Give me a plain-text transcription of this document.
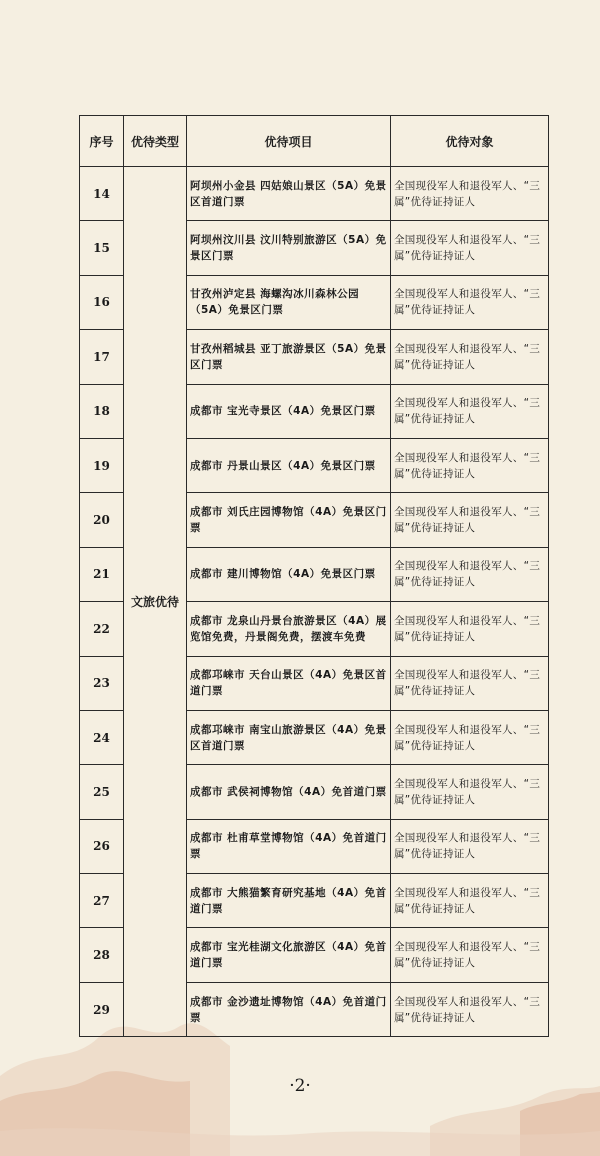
序号	优待类型	优待项目	优待对象
14	文旅优待	阿坝州小金县 四姑娘山景区（5A）免景区首道门票	全国现役军人和退役军人、“三属”优待证持证人
15		阿坝州汶川县 汶川特别旅游区（5A）免景区门票	全国现役军人和退役军人、“三属”优待证持证人
16		甘孜州泸定县 海螺沟冰川森林公园（5A）免景区门票	全国现役军人和退役军人、“三属”优待证持证人
17		甘孜州稻城县 亚丁旅游景区（5A）免景区门票	全国现役军人和退役军人、“三属”优待证持证人
18		成都市 宝光寺景区（4A）免景区门票	全国现役军人和退役军人、“三属”优待证持证人
19		成都市 丹景山景区（4A）免景区门票	全国现役军人和退役军人、“三属”优待证持证人
20		成都市 刘氏庄园博物馆（4A）免景区门票	全国现役军人和退役军人、“三属”优待证持证人
21		成都市 建川博物馆（4A）免景区门票	全国现役军人和退役军人、“三属”优待证持证人
22		成都市 龙泉山丹景台旅游景区（4A）展览馆免费，丹景阁免费，摆渡车免费	全国现役军人和退役军人、“三属”优待证持证人
23		成都邛崃市 天台山景区（4A）免景区首道门票	全国现役军人和退役军人、“三属”优待证持证人
24		成都邛崃市 南宝山旅游景区（4A）免景区首道门票	全国现役军人和退役军人、“三属”优待证持证人
25		成都市 武侯祠博物馆（4A）免首道门票	全国现役军人和退役军人、“三属”优待证持证人
26		成都市 杜甫草堂博物馆（4A）免首道门票	全国现役军人和退役军人、“三属”优待证持证人
27		成都市 大熊猫繁育研究基地（4A）免首道门票	全国现役军人和退役军人、“三属”优待证持证人
28		成都市 宝光桂湖文化旅游区（4A）免首道门票	全国现役军人和退役军人、“三属”优待证持证人
29		成都市 金沙遗址博物馆（4A）免首道门票	全国现役军人和退役军人、“三属”优待证持证人
·2·
